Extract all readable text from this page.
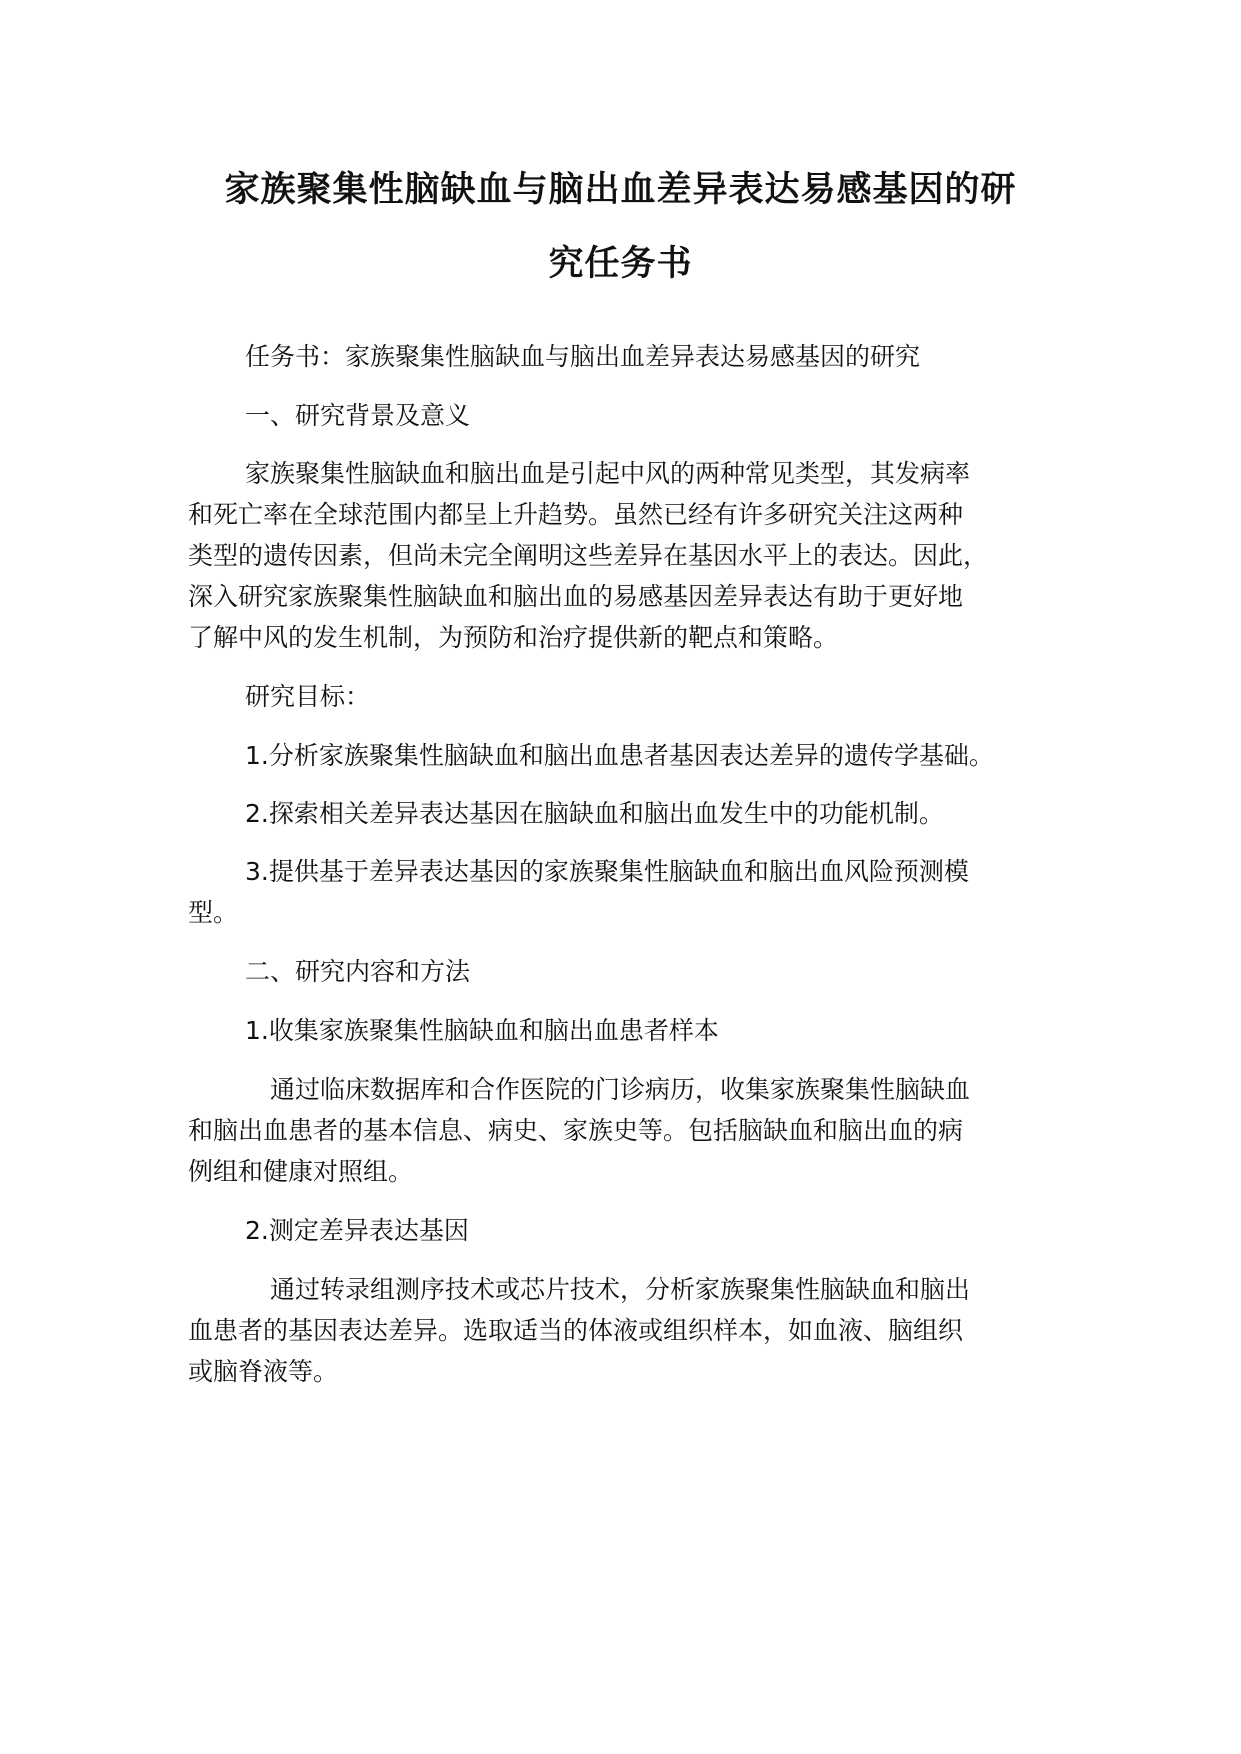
家族聚集性脑缺血与脑出血差异表达易感基因的研
究任务书
任务书：家族聚集性脑缺血与脑出血差异表达易感基因的研究
一、研究背景及意义
家族聚集性脑缺血和脑出血是引起中风的两种常见类型，其发病率
和死亡率在全球范围内都呈上升趋势。虽然已经有许多研究关注这两种
类型的遗传因素，但尚未完全阐明这些差异在基因水平上的表达。因此，
深入研究家族聚集性脑缺血和脑出血的易感基因差异表达有助于更好地
了解中风的发生机制，为预防和治疗提供新的靶点和策略。
研究目标：
1.分析家族聚集性脑缺血和脑出血患者基因表达差异的遗传学基础。
2.探索相关差异表达基因在脑缺血和脑出血发生中的功能机制。
3.提供基于差异表达基因的家族聚集性脑缺血和脑出血风险预测模
型。
二、研究内容和方法
1.收集家族聚集性脑缺血和脑出血患者样本
通过临床数据库和合作医院的门诊病历，收集家族聚集性脑缺血
和脑出血患者的基本信息、病史、家族史等。包括脑缺血和脑出血的病
例组和健康对照组。
2.测定差异表达基因
通过转录组测序技术或芯片技术，分析家族聚集性脑缺血和脑出
血患者的基因表达差异。选取适当的体液或组织样本，如血液、脑组织
或脑脊液等。
